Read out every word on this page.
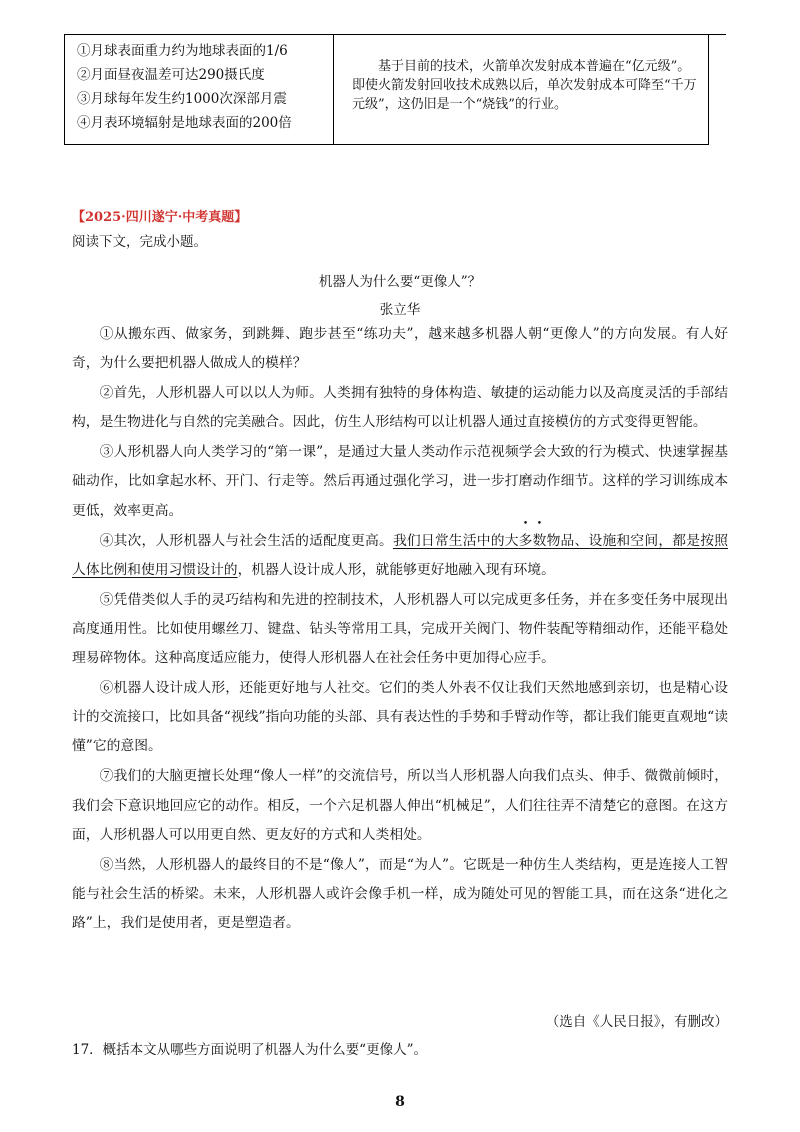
①月球表面重力约为地球表面的1/6
②月面昼夜温差可达290摄氏度
③月球每年发生约1000次深部月震
④月表环境辐射是地球表面的200倍

基于目前的技术，火箭单次发射成本普遍在“亿元级”。即使火箭发射回收技术成熟以后，单次发射成本可降至“千万元级”，这仍旧是一个“烧钱”的行业。

【2025·四川遂宁·中考真题】
阅读下文，完成小题。
机器人为什么要“更像人”？
张立华

①从搬东西、做家务，到跳舞、跑步甚至“练功夫”，越来越多机器人朝“更像人”的方向发展。有人好奇，为什么要把机器人做成人的模样？

②首先，人形机器人可以以人为师。人类拥有独特的身体构造、敏捷的运动能力以及高度灵活的手部结构，是生物进化与自然的完美融合。因此，仿生人形结构可以让机器人通过直接模仿的方式变得更智能。

③人形机器人向人类学习的“第一课”，是通过大量人类动作示范视频学会大致的行为模式、快速掌握基础动作，比如拿起水杯、开门、行走等。然后再通过强化学习，进一步打磨动作细节。这样的学习训练成本更低，效率更高。

④其次，人形机器人与社会生活的适配度更高。我们日常生活中的大多数物品、设施和空间，都是按照人体比例和使用习惯设计的，机器人设计成人形，就能够更好地融入现有环境。

⑤凭借类似人手的灵巧结构和先进的控制技术，人形机器人可以完成更多任务，并在多变任务中展现出高度通用性。比如使用螺丝刀、键盘、钻头等常用工具，完成开关阀门、物件装配等精细动作，还能平稳处理易碎物体。这种高度适应能力，使得人形机器人在社会任务中更加得心应手。

⑥机器人设计成人形，还能更好地与人社交。它们的类人外表不仅让我们天然地感到亲切，也是精心设计的交流接口，比如具备“视线”指向功能的头部、具有表达性的手势和手臂动作等，都让我们能更直观地“读懂”它的意图。

⑦我们的大脑更擅长处理“像人一样”的交流信号，所以当人形机器人向我们点头、伸手、微微前倾时，我们会下意识地回应它的动作。相反，一个六足机器人伸出“机械足”，人们往往弄不清楚它的意图。在这方面，人形机器人可以用更自然、更友好的方式和人类相处。

⑧当然，人形机器人的最终目的不是“像人”，而是“为人”。它既是一种仿生人类结构，更是连接人工智能与社会生活的桥梁。未来，人形机器人或许会像手机一样，成为随处可见的智能工具，而在这条“进化之路”上，我们是使用者，更是塑造者。

（选自《人民日报》，有删改）
17．概括本文从哪些方面说明了机器人为什么要“更像人”。
8
